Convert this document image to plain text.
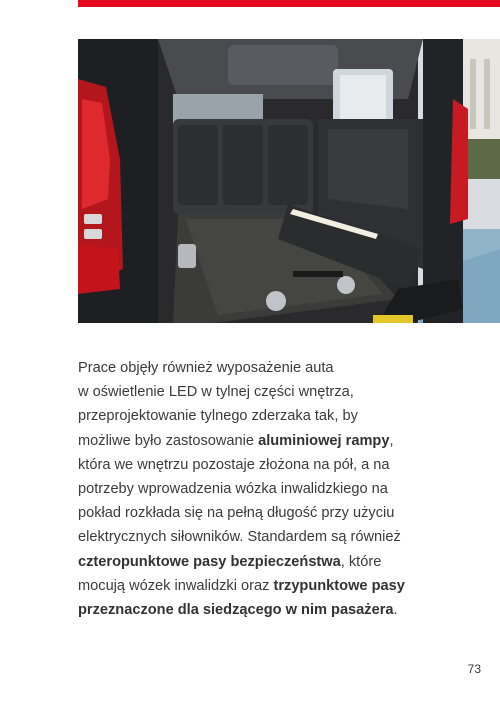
Prace objęły również wyposażenie auta
w oświetlenie LED w tylnej części wnętrza,
przeprojektowanie tylnego zderzaka tak, by
możliwe było zastosowanie aluminiowej rampy,
która we wnętrzu pozostaje złożona na pół, a na
potrzeby wprowadzenia wózka inwalidzkiego na
pokład rozkłada się na pełną długość przy użyciu
elektrycznych siłowników. Standardem są również
czteropunktowe pasy bezpieczeństwa, które
mocują wózek inwalidzki oraz trzypunktowe pasy
przeznaczone dla siedzącego w nim pasażera.

73
